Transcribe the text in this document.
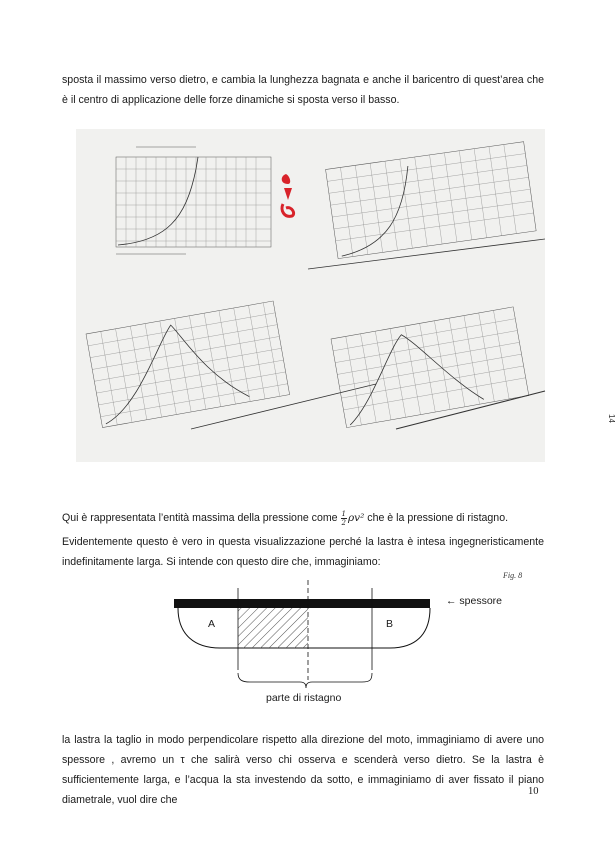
sposta il massimo verso dietro, e cambia la lunghezza bagnata e anche il baricentro di quest’area che è il centro di applicazione delle forze dinamiche si sposta verso il basso.
Fig. 8
14
Qui è rappresentata l’entità massima della pressione come $\frac{1}{2} \rho v^2$ che è la pressione di ristagno.
Evidentemente questo è vero in questa visualizzazione perché la lastra è intesa ingegneristicamente indefinitamente larga. Si intende con questo dire che, immaginiamo:
A	B
← spessore
parte di ristagno
la lastra la taglio in modo perpendicolare rispetto alla direzione del moto, immaginiamo di avere uno spessore , avremo un τ che salirà verso chi osserva e scenderà verso dietro. Se la lastra è sufficientemente larga, e l’acqua la sta investendo da sotto, e immaginiamo di aver fissato il piano diametrale, vuol dire che
10
